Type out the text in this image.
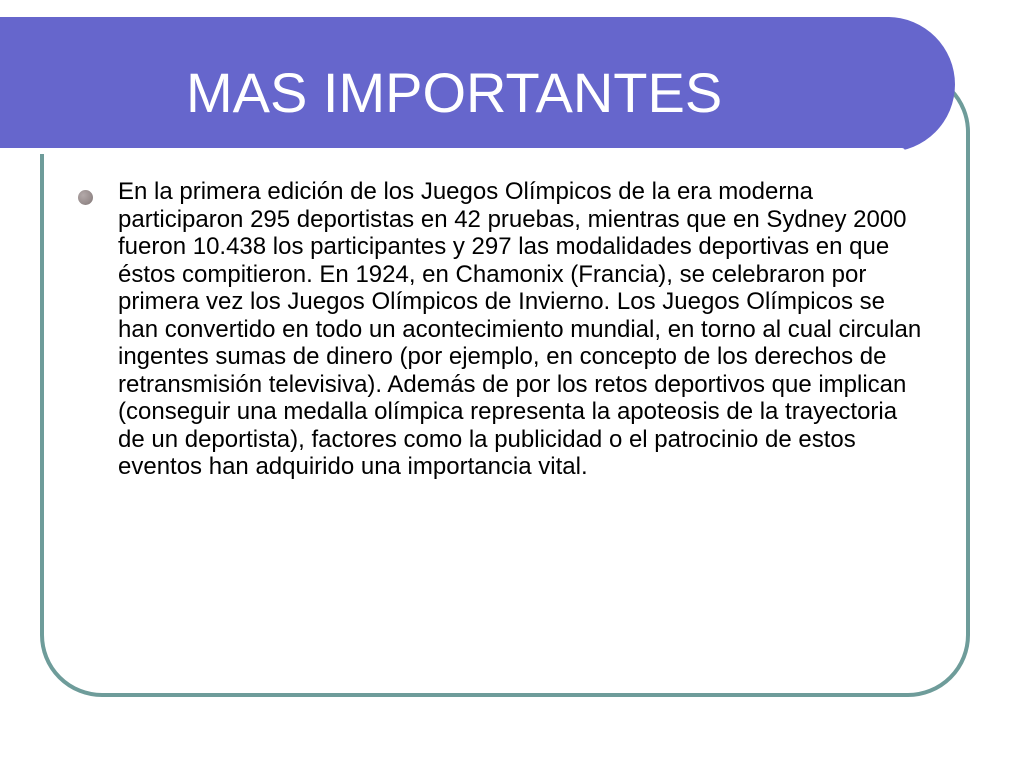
MAS IMPORTANTES

En la primera edición de los Juegos Olímpicos de la era moderna participaron 295 deportistas en 42 pruebas, mientras que en Sydney 2000 fueron 10.438 los participantes y 297 las modalidades deportivas en que éstos compitieron. En 1924, en Chamonix (Francia), se celebraron por primera vez los Juegos Olímpicos de Invierno. Los Juegos Olímpicos se han convertido en todo un acontecimiento mundial, en torno al cual circulan ingentes sumas de dinero (por ejemplo, en concepto de los derechos de retransmisión televisiva). Además de por los retos deportivos que implican (conseguir una medalla olímpica representa la apoteosis de la trayectoria de un deportista), factores como la publicidad o el patrocinio de estos eventos han adquirido una importancia vital.
